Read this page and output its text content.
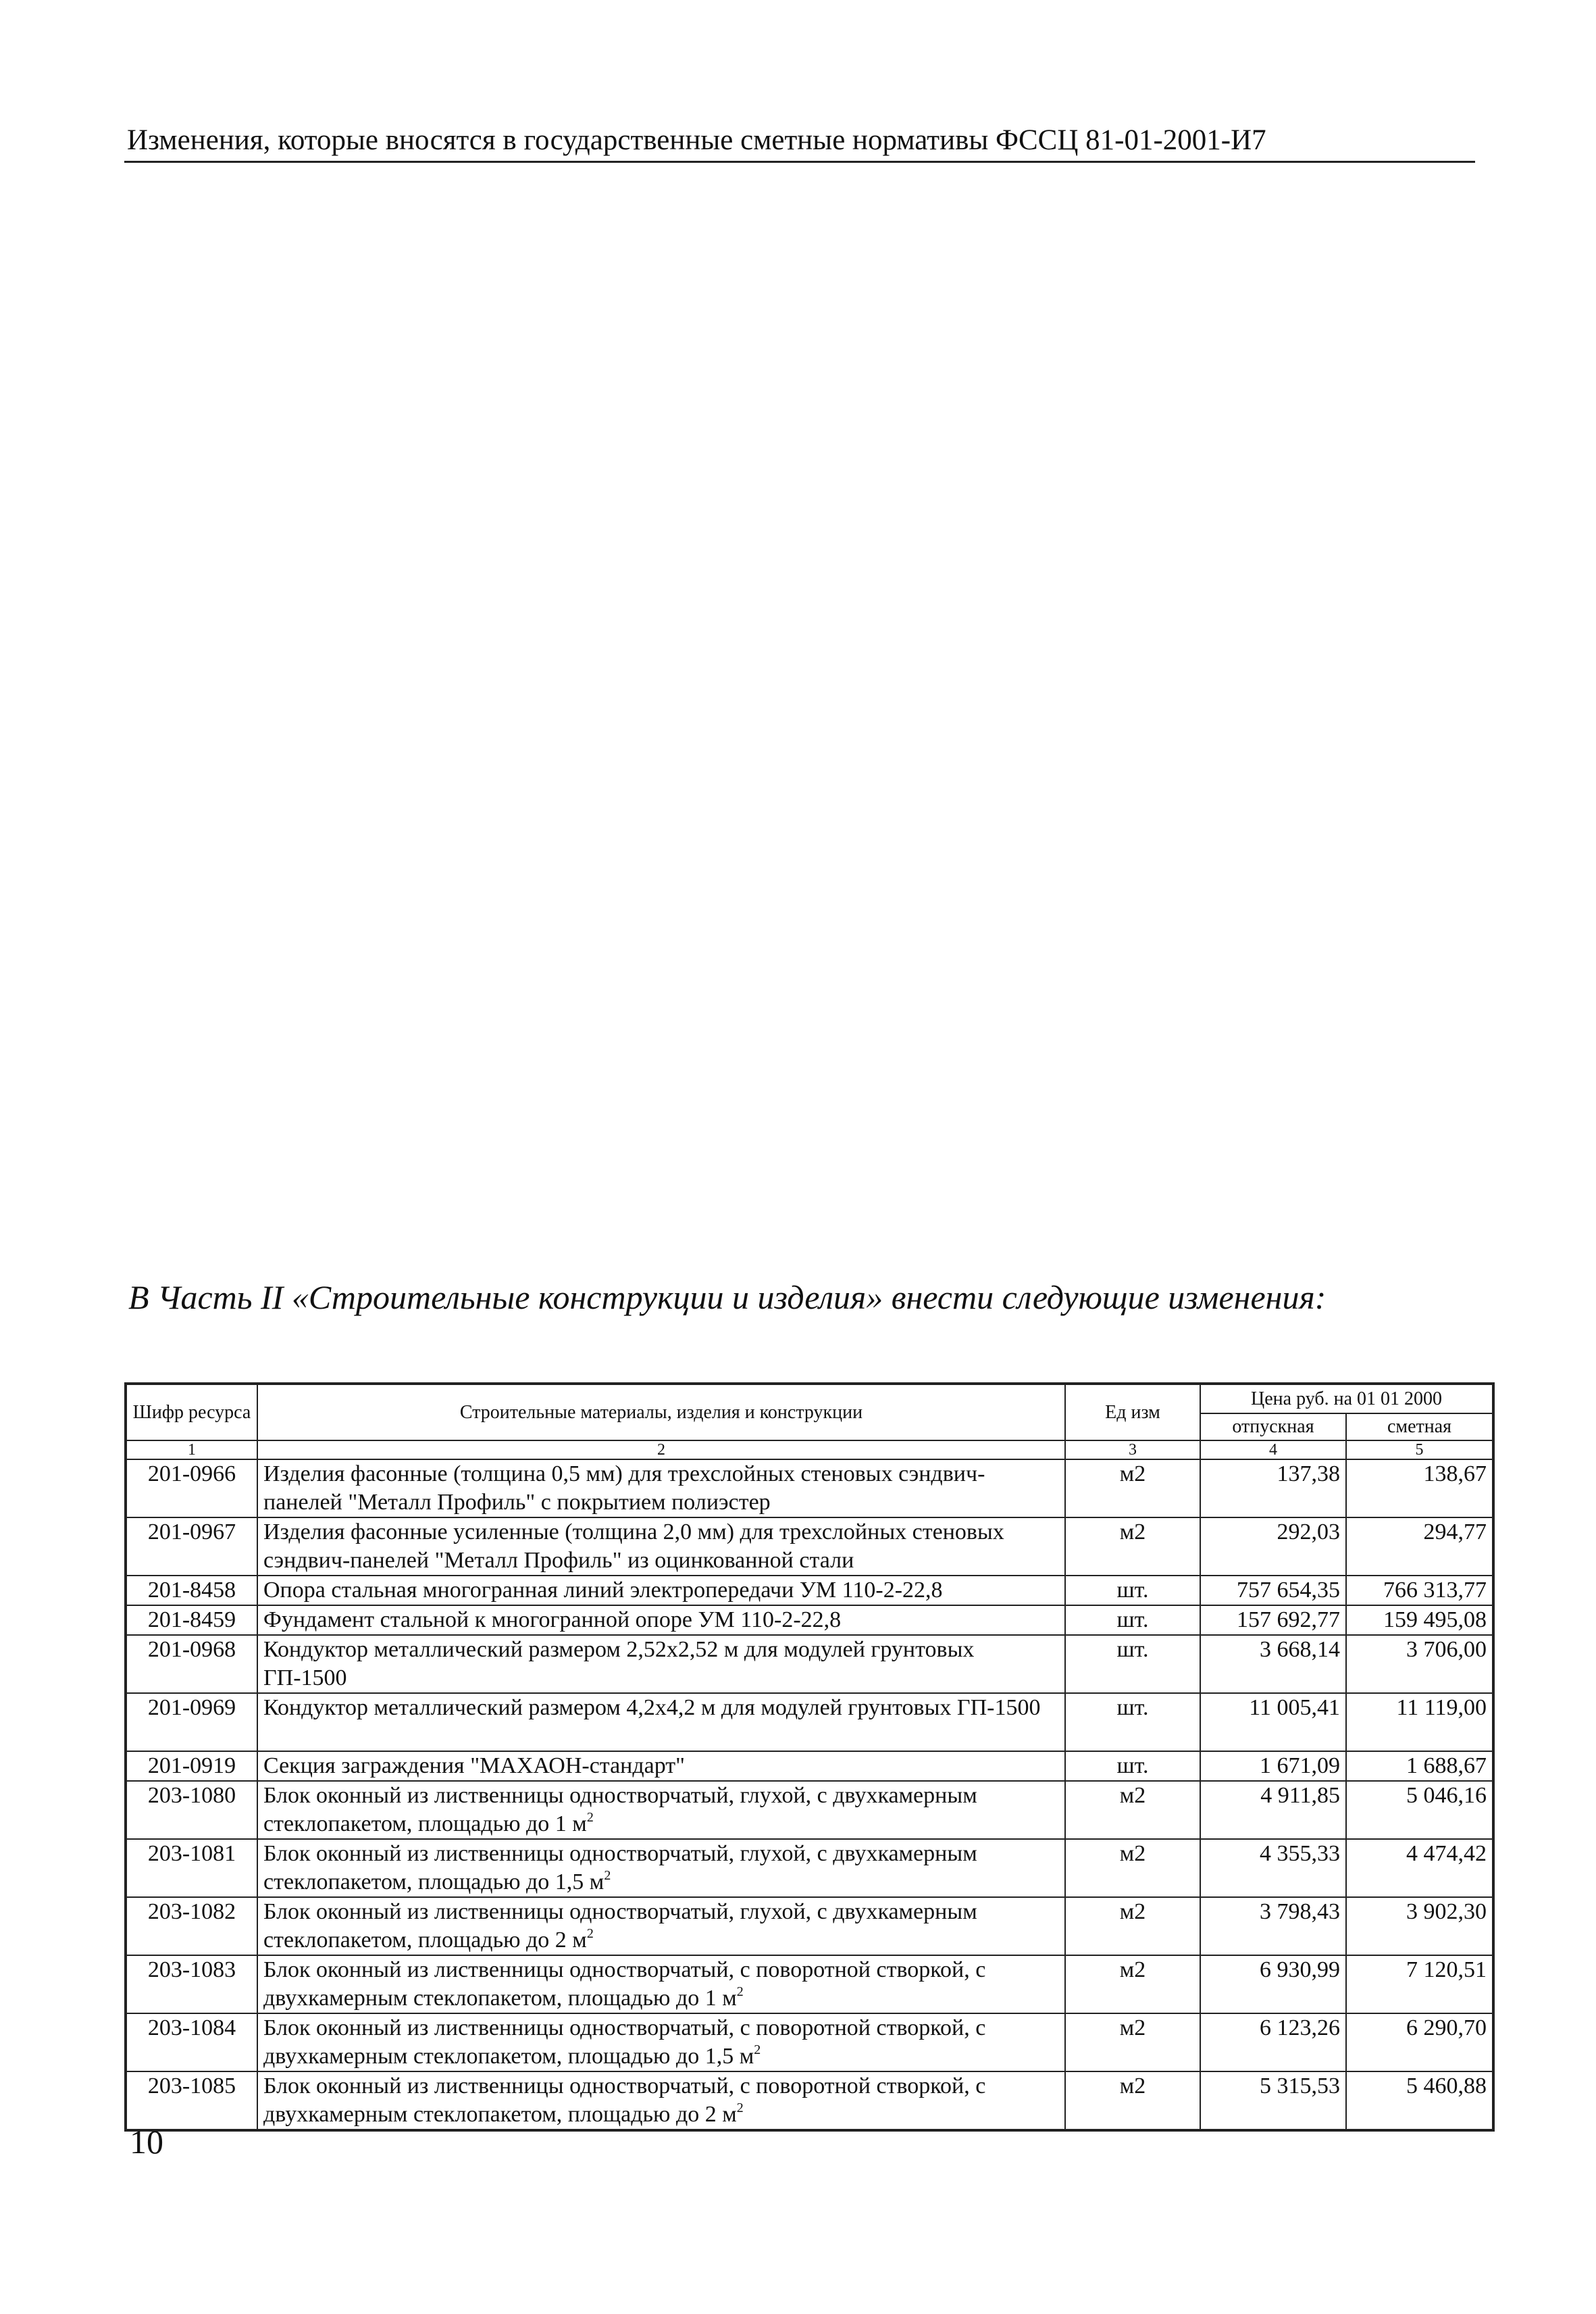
Изменения, которые вносятся в государственные сметные нормативы ФССЦ 81-01-2001-И7
В Часть II «Строительные конструкции и изделия» внести следующие изменения:
Шифр ресурса	Строительные материалы, изделия и конструкции	Ед изм	Цена руб. на 01 01 2000	
			отпускная	сметная
1	2	3	4	5
201-0966	Изделия фасонные (толщина 0,5 мм) для трехслойных стеновых сэндвич-панелей "Металл Профиль" с покрытием полиэстер	м2	137,38	138,67
201-0967	Изделия фасонные усиленные (толщина 2,0 мм) для трехслойных стеновых сэндвич-панелей "Металл Профиль" из оцинкованной стали	м2	292,03	294,77
201-8458	Опора стальная многогранная линий электропередачи УМ 110-2-22,8	шт.	757 654,35	766 313,77
201-8459	Фундамент стальной к многогранной опоре УМ 110-2-22,8	шт.	157 692,77	159 495,08
201-0968	Кондуктор металлический размером 2,52х2,52 м для модулей грунтовых ГП-1500	шт.	3 668,14	3 706,00
201-0969	Кондуктор металлический размером 4,2х4,2 м для модулей грунтовых ГП-1500	шт.	11 005,41	11 119,00
201-0919	Секция заграждения "МАХАОН-стандарт"	шт.	1 671,09	1 688,67
203-1080	Блок оконный из лиственницы одностворчатый, глухой, с двухкамерным стеклопакетом, площадью до 1 $м^2$	м2	4 911,85	5 046,16
203-1081	Блок оконный из лиственницы одностворчатый, глухой, с двухкамерным стеклопакетом, площадью до 1,5 $м^2$	м2	4 355,33	4 474,42
203-1082	Блок оконный из лиственницы одностворчатый, глухой, с двухкамерным стеклопакетом, площадью до 2 $м^2$	м2	3 798,43	3 902,30
203-1083	Блок оконный из лиственницы одностворчатый, с поворотной створкой, с двухкамерным стеклопакетом, площадью до 1 $м^2$	м2	6 930,99	7 120,51
203-1084	Блок оконный из лиственницы одностворчатый, с поворотной створкой, с двухкамерным стеклопакетом, площадью до 1,5 $м^2$	м2	6 123,26	6 290,70
203-1085	Блок оконный из лиственницы одностворчатый, с поворотной створкой, с двухкамерным стеклопакетом, площадью до 2 $м^2$	м2	5 315,53	5 460,88
10
